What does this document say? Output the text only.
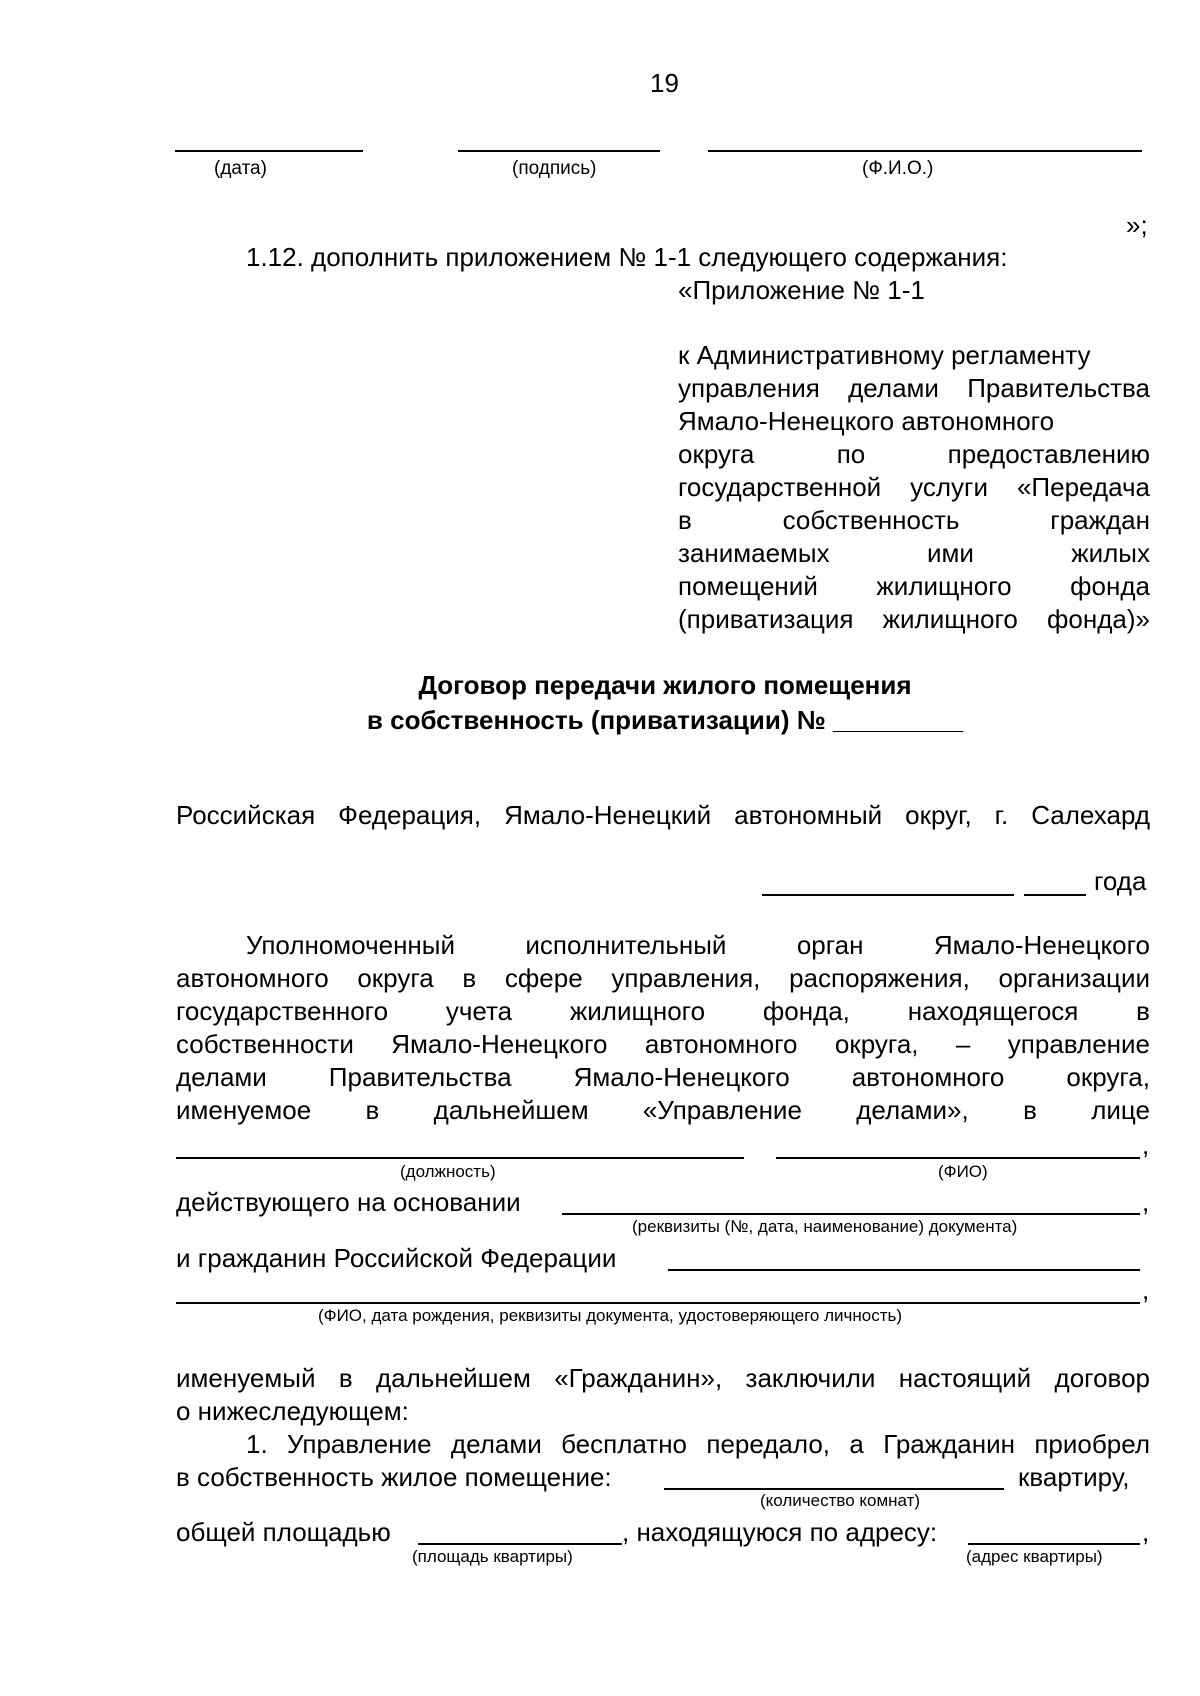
19
(дата)	(подпись)	(Ф.И.О.)
»;
1.12. дополнить приложением № 1-1 следующего содержания:
«Приложение № 1-1
к Административному регламенту
управления делами Правительства
Ямало-Ненецкого автономного
округа по предоставлению
государственной услуги «Передача
в собственность граждан
занимаемых ими жилых
помещений жилищного фонда
(приватизация жилищного фонда)»
Договор передачи жилого помещения
в собственность (приватизации) № _________
Российская Федерация, Ямало-Ненецкий автономный округ, г. Салехард
года
Уполномоченный исполнительный орган Ямало-Ненецкого
автономного округа в сфере управления, распоряжения, организации
государственного учета жилищного фонда, находящегося в
собственности Ямало-Ненецкого автономного округа, – управление
делами Правительства Ямало-Ненецкого автономного округа,
именуемое в дальнейшем «Управление делами», в лице
,
(должность)	(ФИО)
действующего на основании	,
(реквизиты (№, дата, наименование) документа)
и гражданин Российской Федерации
,
(ФИО, дата рождения, реквизиты документа, удостоверяющего личность)
именуемый в дальнейшем «Гражданин», заключили настоящий договор
о нижеследующем:
1. Управление делами бесплатно передало, а Гражданин приобрел
в собственность жилое помещение:	квартиру,
(количество комнат)
общей площадью	, находящуюся по адресу:	,
(площадь квартиры)	(адрес квартиры)
